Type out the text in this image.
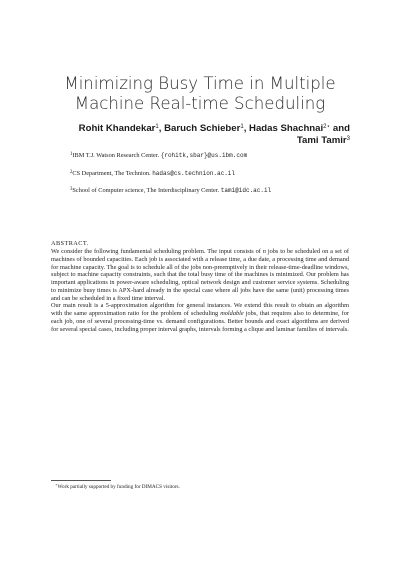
Minimizing Busy Time in Multiple
Machine Real-time Scheduling
Rohit Khandekar$^1$, Baruch Schieber$^1$, Hadas Shachnai$^{2⋆}$ and
Tami Tamir$^3$
$^1$IBM T.J. Watson Research Center. {rohitk,sbar}@us.ibm.com
$^2$CS Department, The Technion. hadas@cs.technion.ac.il
$^3$School of Computer science, The Interdisciplinary Center. tami@idc.ac.il
ABSTRACT.

We consider the following fundamental scheduling problem. The input consists of n jobs to be scheduled on a set of machines of bounded capacities. Each job is associated with a release time, a due date, a processing time and demand for machine capacity. The goal is to schedule all of the jobs non-preemptively in their release-time-deadline windows, subject to machine capacity constraints, such that the total busy time of the machines is minimized. Our problem has important applications in power-aware scheduling, optical network design and customer service systems. Scheduling to minimize busy times is APX-hard already in the special case where all jobs have the same (unit) processing times and can be scheduled in a fixed time interval.

Our main result is a 5-approximation algorithm for general instances. We extend this result to obtain an algorithm with the same approximation ratio for the problem of scheduling moldable jobs, that requires also to determine, for each job, one of several processing-time vs. demand configurations. Better bounds and exact algorithms are derived for several special cases, including proper interval graphs, intervals forming a clique and laminar families of intervals.

⋆Work partially supported by funding for DIMACS visitors.
